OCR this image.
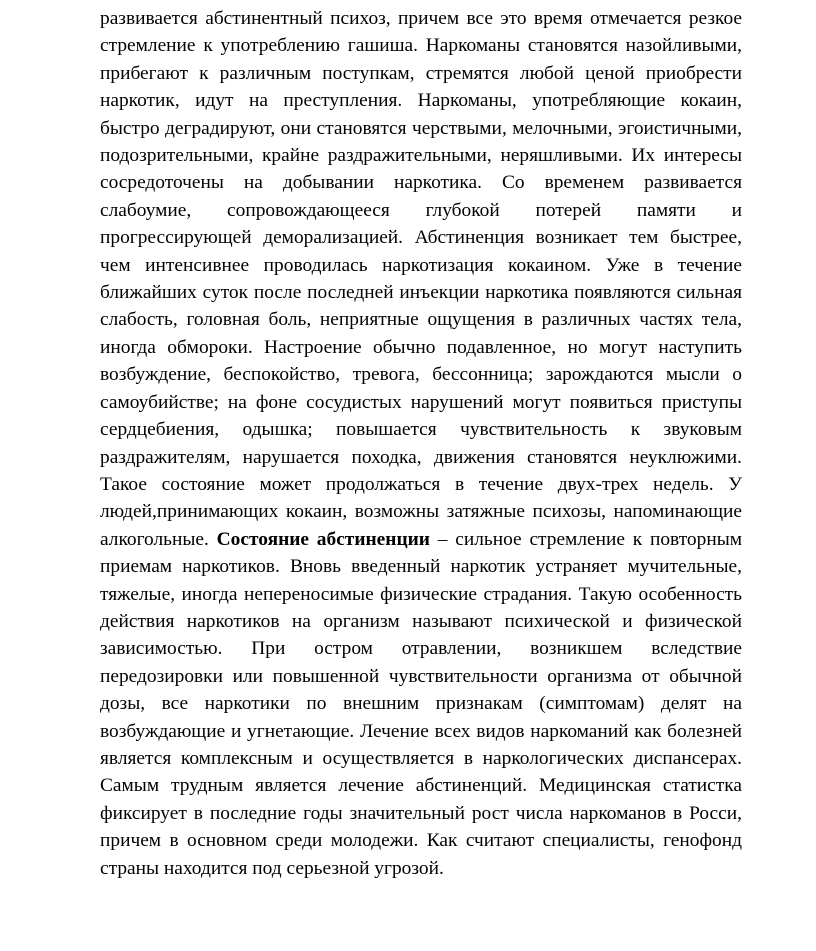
развивается абстинентный психоз, причем все это время отмечается резкое стремление к употреблению гашиша. Наркоманы становятся назойливыми, прибегают к различным поступкам, стремятся любой ценой приобрести наркотик, идут на преступления. Наркоманы, употребляющие кокаин, быстро деградируют, они становятся черствыми, мелочными, эгоистичными, подозрительными, крайне раздражительными, неряшливыми. Их интересы сосредоточены на добывании наркотика. Со временем развивается слабоумие, сопровождающееся глубокой потерей памяти и прогрессирующей деморализацией. Абстиненция возникает тем быстрее, чем интенсивнее проводилась наркотизация кокаином. Уже в течение ближайших суток после последней инъекции наркотика появляются сильная слабость, головная боль, неприятные ощущения в различных частях тела, иногда обмороки. Настроение обычно подавленное, но могут наступить возбуждение, беспокойство, тревога, бессонница; зарождаются мысли о самоубийстве; на фоне сосудистых нарушений могут появиться приступы сердцебиения, одышка; повышается чувствительность к звуковым раздражителям, нарушается походка, движения становятся неуклюжими. Такое состояние может продолжаться в течение двух-трех недель. У людей,принимающих кокаин, возможны затяжные психозы, напоминающие алкогольные. Состояние абстиненции – сильное стремление к повторным приемам наркотиков. Вновь введенный наркотик устраняет мучительные, тяжелые, иногда непереносимые физические страдания. Такую особенность действия наркотиков на организм называют психической и физической зависимостью. При остром отравлении, возникшем вследствие передозировки или повышенной чувствительности организма от обычной дозы, все наркотики по внешним признакам (симптомам) делят на возбуждающие и угнетающие. Лечение всех видов наркоманий как болезней является комплексным и осуществляется в наркологических диспансерах. Самым трудным является лечение абстиненций. Медицинская статистка фиксирует в последние годы значительный рост числа наркоманов в Росси, причем в основном среди молодежи. Как считают специалисты, генофонд страны находится под серьезной угрозой.
